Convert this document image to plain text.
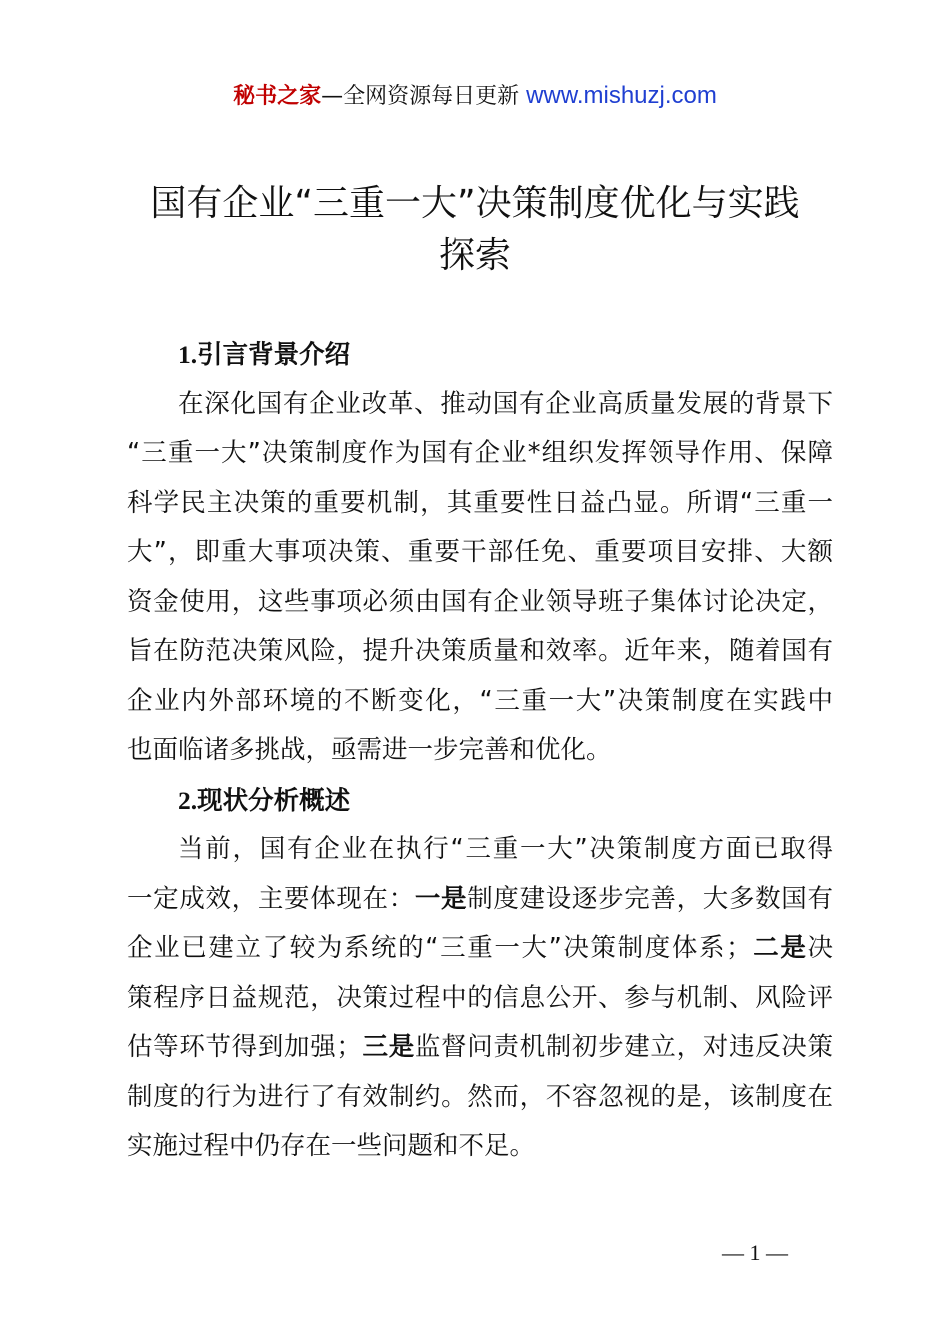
秘书之家—全网资源每日更新 www.mishuzj.com
国有企业“三重一大”决策制度优化与实践
探索
1.引言背景介绍
在深化国有企业改革、推动国有企业高质量发展的背景下
“三重一大”决策制度作为国有企业*组织发挥领导作用、保障
科学民主决策的重要机制，其重要性日益凸显。所谓“三重一
大”，即重大事项决策、重要干部任免、重要项目安排、大额
资金使用，这些事项必须由国有企业领导班子集体讨论决定，
旨在防范决策风险，提升决策质量和效率。近年来，随着国有
企业内外部环境的不断变化，“三重一大”决策制度在实践中
也面临诸多挑战，亟需进一步完善和优化。
2.现状分析概述
当前，国有企业在执行“三重一大”决策制度方面已取得
一定成效，主要体现在：一是制度建设逐步完善，大多数国有
企业已建立了较为系统的“三重一大”决策制度体系；二是决
策程序日益规范，决策过程中的信息公开、参与机制、风险评
估等环节得到加强；三是监督问责机制初步建立，对违反决策
制度的行为进行了有效制约。然而，不容忽视的是，该制度在
实施过程中仍存在一些问题和不足。
— 1 —
